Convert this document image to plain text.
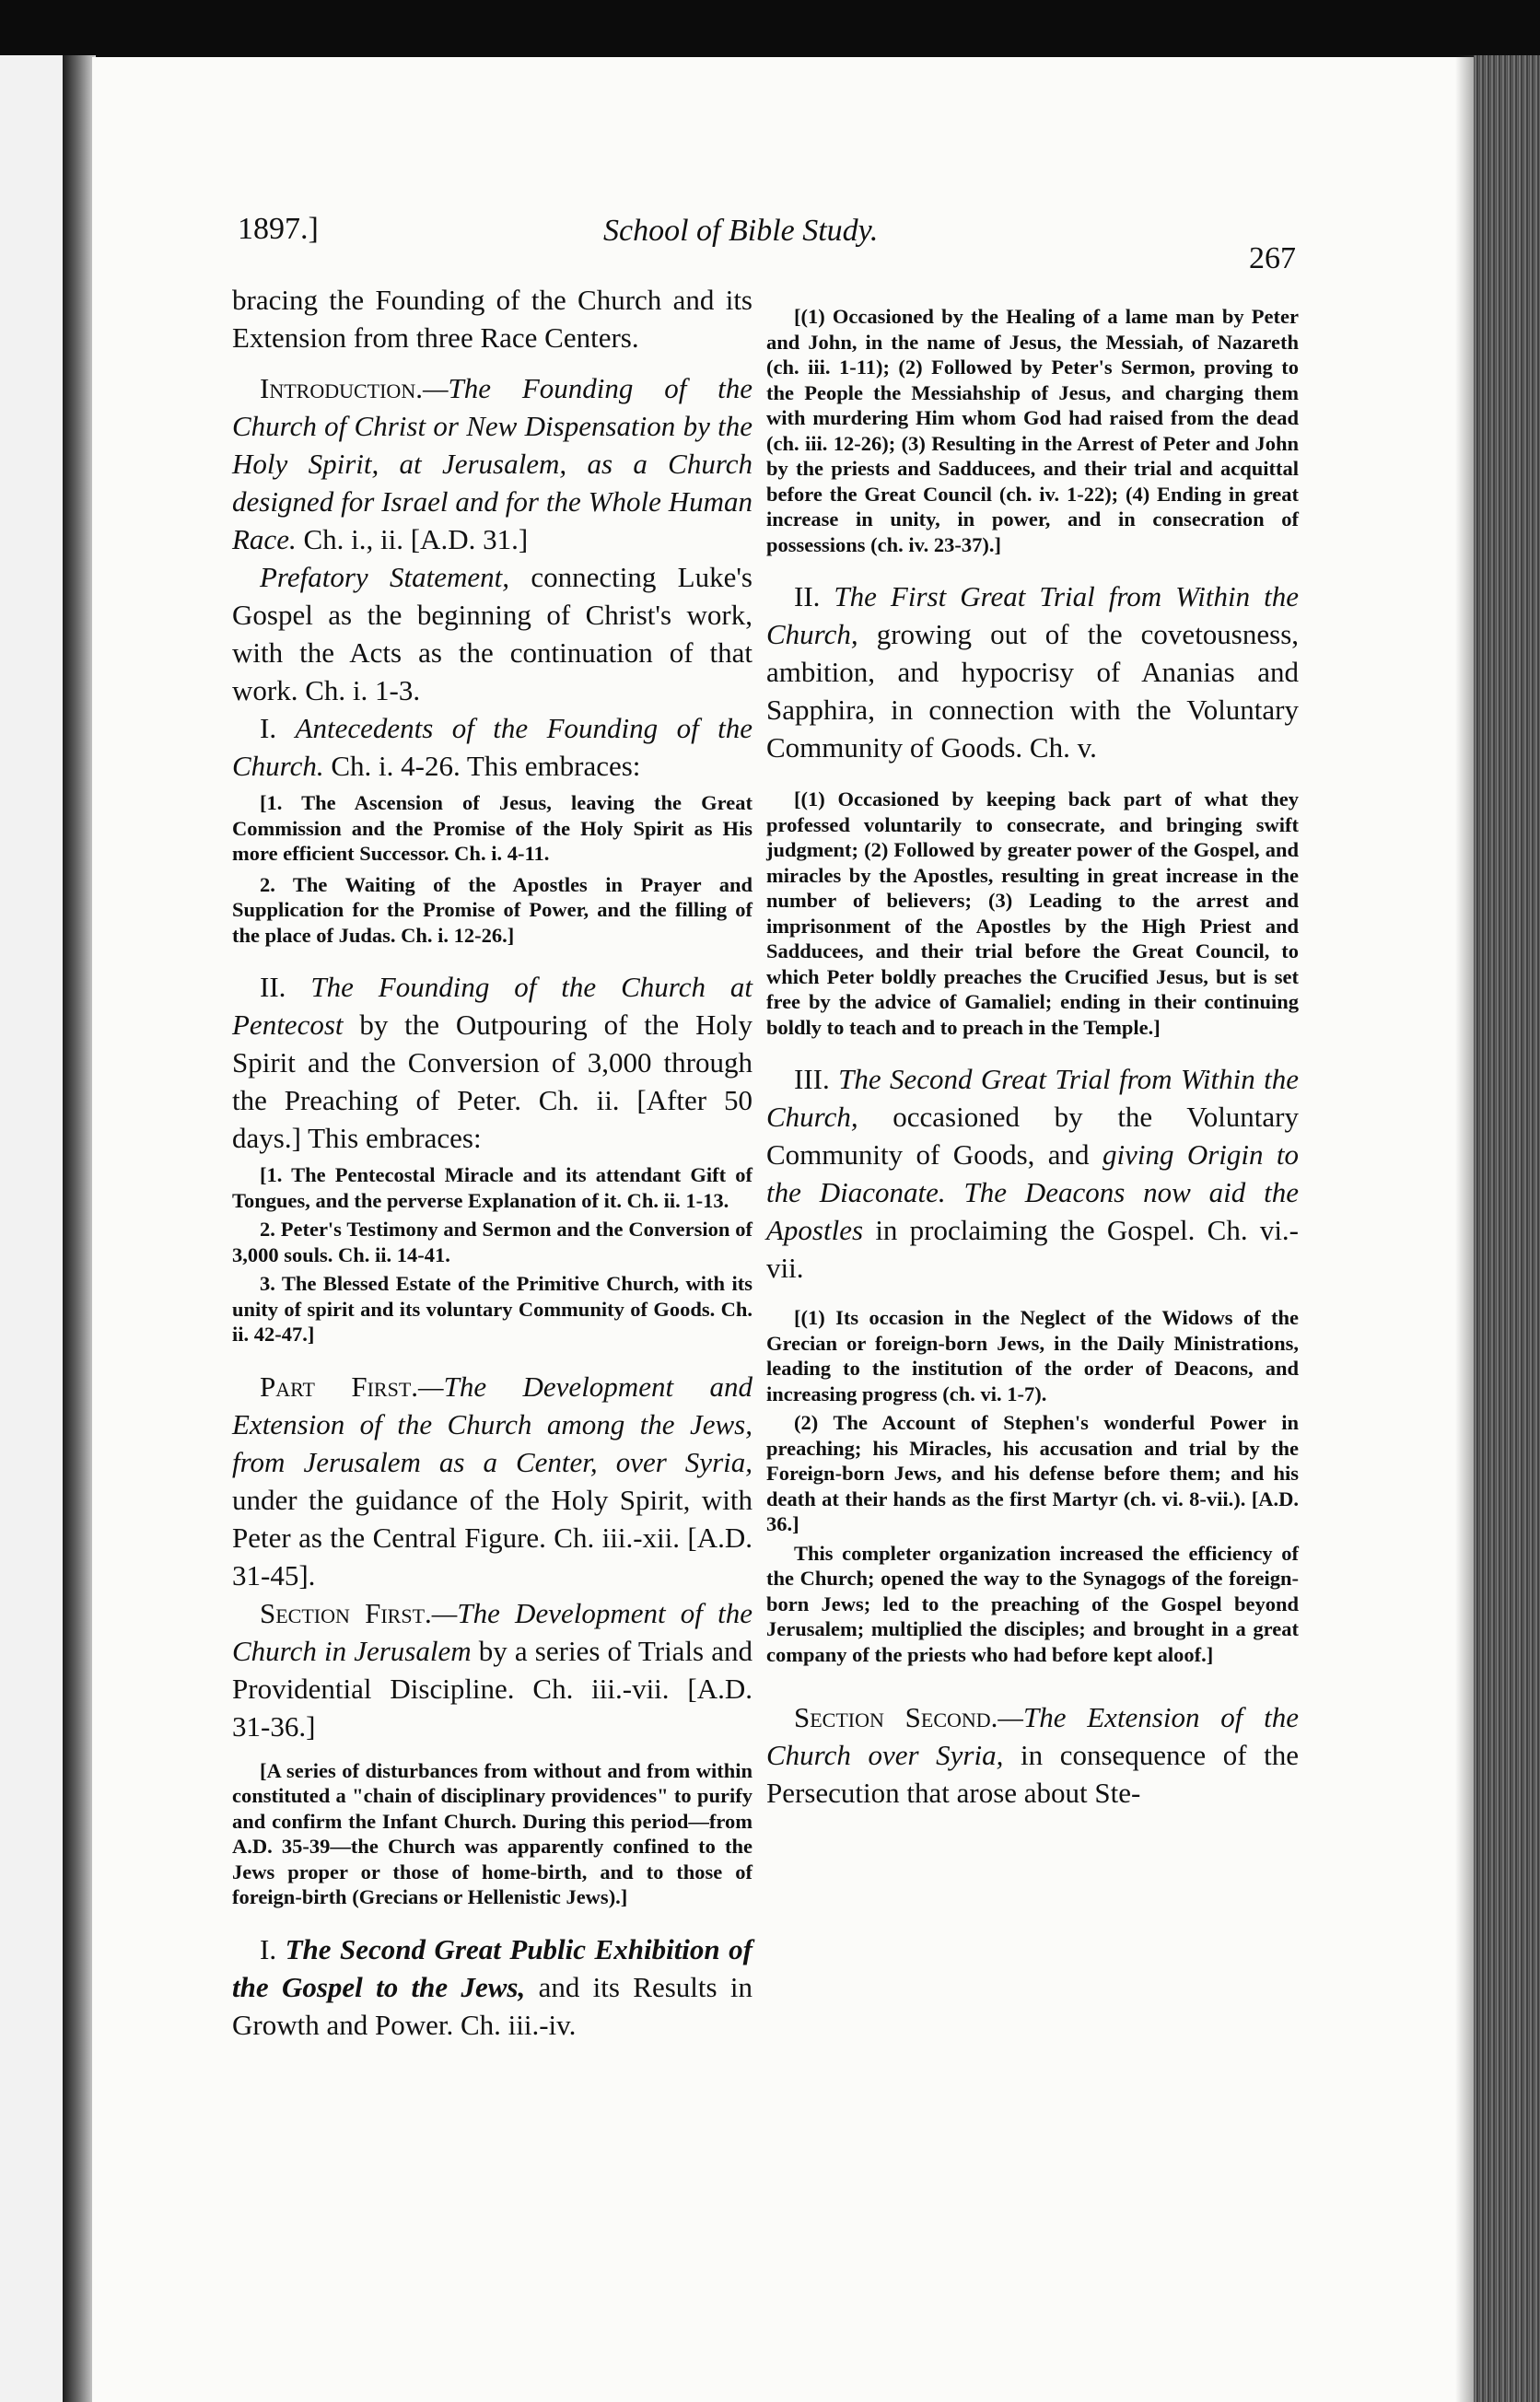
1897.]	School of Bible Study.
267

bracing the Founding of the Church and its Extension from three Race Centers.

Introduction.—The Founding of the Church of Christ or New Dispensation by the Holy Spirit, at Jerusalem, as a Church designed for Israel and for the Whole Human Race. Ch. i., ii. [A.D. 31.]

Prefatory Statement, connecting Luke's Gospel as the beginning of Christ's work, with the Acts as the continuation of that work. Ch. i. 1-3.

I. Antecedents of the Founding of the Church. Ch. i. 4-26. This embraces:

[1. The Ascension of Jesus, leaving the Great Commission and the Promise of the Holy Spirit as His more efficient Successor. Ch. i. 4-11.

2. The Waiting of the Apostles in Prayer and Supplication for the Promise of Power, and the filling of the place of Judas. Ch. i. 12-26.]

II. The Founding of the Church at Pentecost by the Outpouring of the Holy Spirit and the Conversion of 3,000 through the Preaching of Peter. Ch. ii. [After 50 days.] This embraces:

[1. The Pentecostal Miracle and its attendant Gift of Tongues, and the perverse Explanation of it. Ch. ii. 1-13.

2. Peter's Testimony and Sermon and the Conversion of 3,000 souls. Ch. ii. 14-41.

3. The Blessed Estate of the Primitive Church, with its unity of spirit and its voluntary Community of Goods. Ch. ii. 42-47.]

Part First.—The Development and Extension of the Church among the Jews, from Jerusalem as a Center, over Syria, under the guidance of the Holy Spirit, with Peter as the Central Figure. Ch. iii.-xii. [A.D. 31-45].

Section First.—The Development of the Church in Jerusalem by a series of Trials and Providential Discipline. Ch. iii.-vii. [A.D. 31-36.]

[A series of disturbances from without and from within constituted a "chain of disciplinary providences" to purify and confirm the Infant Church. During this period—from A.D. 35-39—the Church was apparently confined to the Jews proper or those of home-birth, and to those of foreign-birth (Grecians or Hellenistic Jews).]

I. The Second Great Public Exhibition of the Gospel to the Jews, and its Results in Growth and Power. Ch. iii.-iv.

[(1) Occasioned by the Healing of a lame man by Peter and John, in the name of Jesus, the Messiah, of Nazareth (ch. iii. 1-11); (2) Followed by Peter's Sermon, proving to the People the Messiahship of Jesus, and charging them with murdering Him whom God had raised from the dead (ch. iii. 12-26); (3) Resulting in the Arrest of Peter and John by the priests and Sadducees, and their trial and acquittal before the Great Council (ch. iv. 1-22); (4) Ending in great increase in unity, in power, and in consecration of possessions (ch. iv. 23-37).]

II. The First Great Trial from Within the Church, growing out of the covetousness, ambition, and hypocrisy of Ananias and Sapphira, in connection with the Voluntary Community of Goods. Ch. v.

[(1) Occasioned by keeping back part of what they professed voluntarily to consecrate, and bringing swift judgment; (2) Followed by greater power of the Gospel, and miracles by the Apostles, resulting in great increase in the number of believers; (3) Leading to the arrest and imprisonment of the Apostles by the High Priest and Sadducees, and their trial before the Great Council, to which Peter boldly preaches the Crucified Jesus, but is set free by the advice of Gamaliel; ending in their continuing boldly to teach and to preach in the Temple.]

III. The Second Great Trial from Within the Church, occasioned by the Voluntary Community of Goods, and giving Origin to the Diaconate. The Deacons now aid the Apostles in proclaiming the Gospel. Ch. vi.-vii.

[(1) Its occasion in the Neglect of the Widows of the Grecian or foreign-born Jews, in the Daily Ministrations, leading to the institution of the order of Deacons, and increasing progress (ch. vi. 1-7).

(2) The Account of Stephen's wonderful Power in preaching; his Miracles, his accusation and trial by the Foreign-born Jews, and his defense before them; and his death at their hands as the first Martyr (ch. vi. 8-vii.). [A.D. 36.]

This completer organization increased the efficiency of the Church; opened the way to the Synagogs of the foreign-born Jews; led to the preaching of the Gospel beyond Jerusalem; multiplied the disciples; and brought in a great company of the priests who had before kept aloof.]

Section Second.—The Extension of the Church over Syria, in consequence of the Persecution that arose about Ste-
